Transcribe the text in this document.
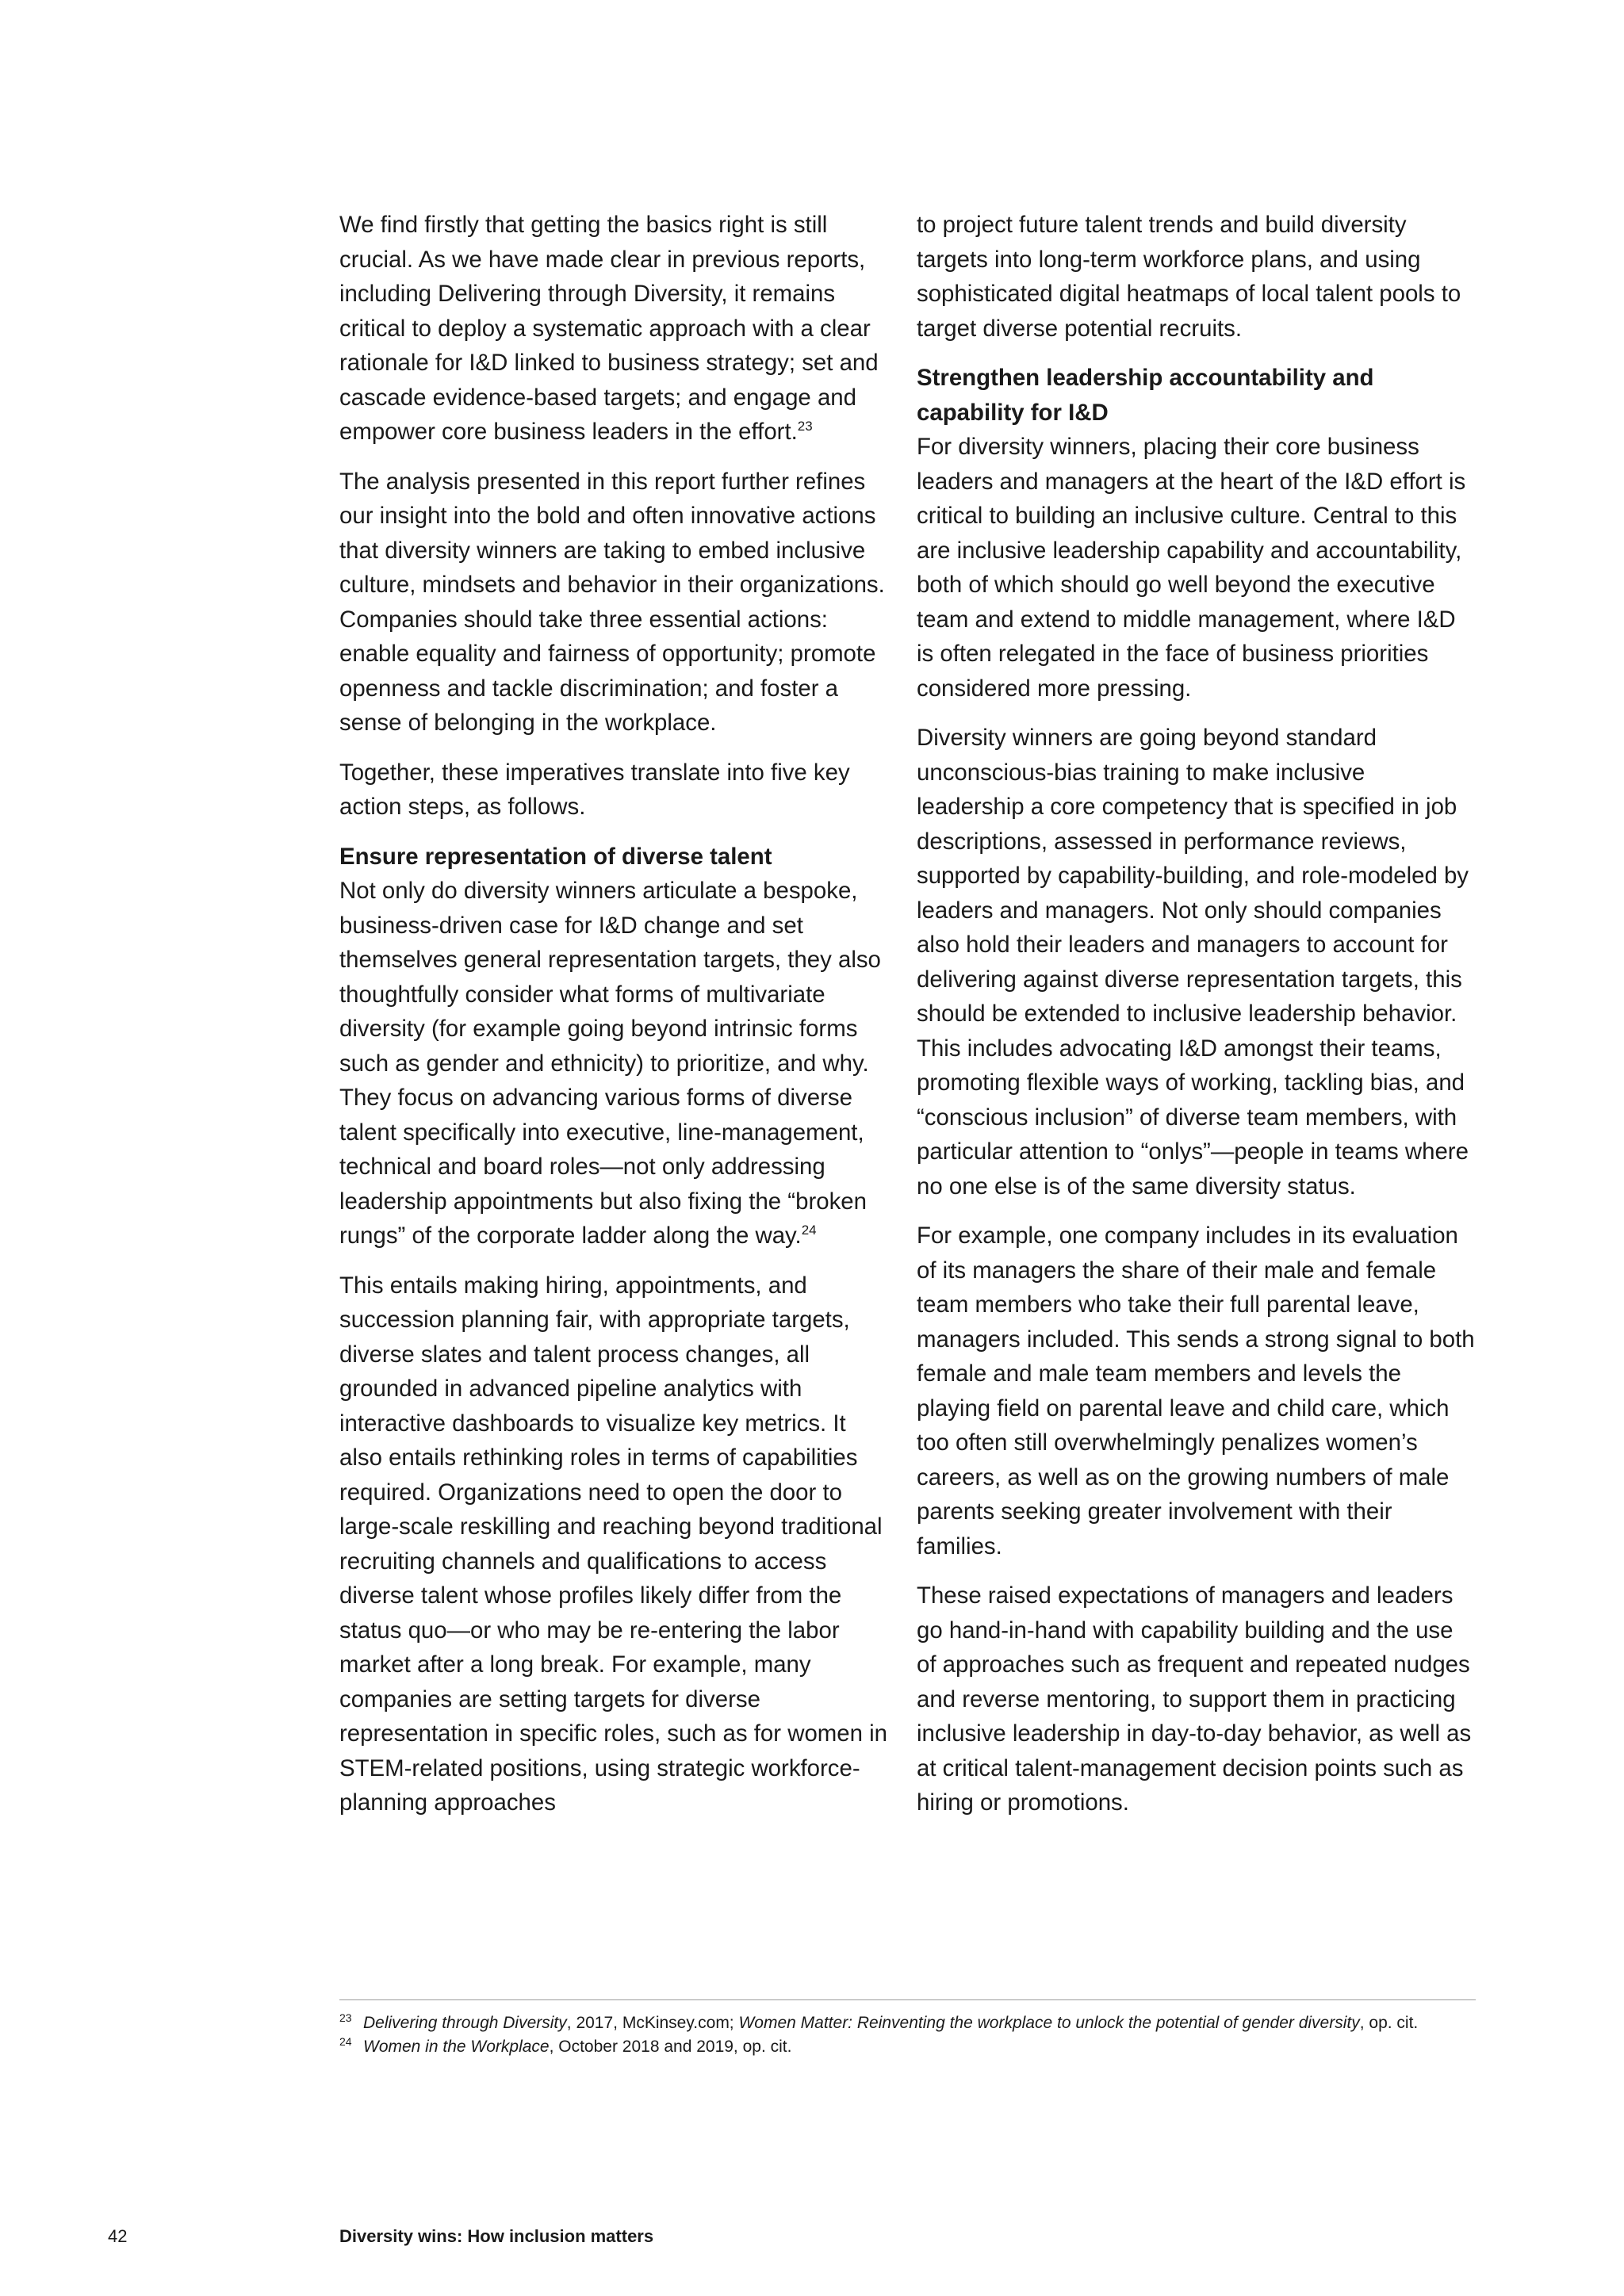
We find firstly that getting the basics right is still crucial. As we have made clear in previous reports, including Delivering through Diversity, it remains critical to deploy a systematic approach with a clear rationale for I&D linked to business strategy; set and cascade evidence-based targets; and engage and empower core business leaders in the effort.$^{23}$

The analysis presented in this report further refines our insight into the bold and often innovative actions that diversity winners are taking to embed inclusive culture, mindsets and behavior in their organizations. Companies should take three essential actions: enable equality and fairness of opportunity; promote openness and tackle discrimination; and foster a sense of belonging in the workplace.

Together, these imperatives translate into five key action steps, as follows.

Ensure representation of diverse talent

Not only do diversity winners articulate a bespoke, business-driven case for I&D change and set themselves general representation targets, they also thoughtfully consider what forms of multivariate diversity (for example going beyond intrinsic forms such as gender and ethnicity) to prioritize, and why. They focus on advancing various forms of diverse talent specifically into executive, line-management, technical and board roles—not only addressing leadership appointments but also fixing the “broken rungs” of the corporate ladder along the way.$^{24}$

This entails making hiring, appointments, and succession planning fair, with appropriate targets, diverse slates and talent process changes, all grounded in advanced pipeline analytics with interactive dashboards to visualize key metrics. It also entails rethinking roles in terms of capabilities required. Organizations need to open the door to large-scale reskilling and reaching beyond traditional recruiting channels and qualifications to access diverse talent whose profiles likely differ from the status quo—or who may be re-entering the labor market after a long break. For example, many companies are setting targets for diverse representation in specific roles, such as for women in STEM-related positions, using strategic workforce-planning approaches

to project future talent trends and build diversity targets into long-term workforce plans, and using sophisticated digital heatmaps of local talent pools to target diverse potential recruits.

Strengthen leadership accountability and capability for I&D

For diversity winners, placing their core business leaders and managers at the heart of the I&D effort is critical to building an inclusive culture. Central to this are inclusive leadership capability and accountability, both of which should go well beyond the executive team and extend to middle management, where I&D is often relegated in the face of business priorities considered more pressing.

Diversity winners are going beyond standard unconscious-bias training to make inclusive leadership a core competency that is specified in job descriptions, assessed in performance reviews, supported by capability-building, and role-modeled by leaders and managers. Not only should companies also hold their leaders and managers to account for delivering against diverse representation targets, this should be extended to inclusive leadership behavior. This includes advocating I&D amongst their teams, promoting flexible ways of working, tackling bias, and “conscious inclusion” of diverse team members, with particular attention to “onlys”—people in teams where no one else is of the same diversity status.

For example, one company includes in its evaluation of its managers the share of their male and female team members who take their full parental leave, managers included. This sends a strong signal to both female and male team members and levels the playing field on parental leave and child care, which too often still overwhelmingly penalizes women’s careers, as well as on the growing numbers of male parents seeking greater involvement with their families.

These raised expectations of managers and leaders go hand-in-hand with capability building and the use of approaches such as frequent and repeated nudges and reverse mentoring, to support them in practicing inclusive leadership in day-to-day behavior, as well as at critical talent-management decision points such as hiring or promotions.

23 Delivering through Diversity, 2017, McKinsey.com; Women Matter: Reinventing the workplace to unlock the potential of gender diversity, op. cit.
24 Women in the Workplace, October 2018 and 2019, op. cit.
42	Diversity wins: How inclusion matters
